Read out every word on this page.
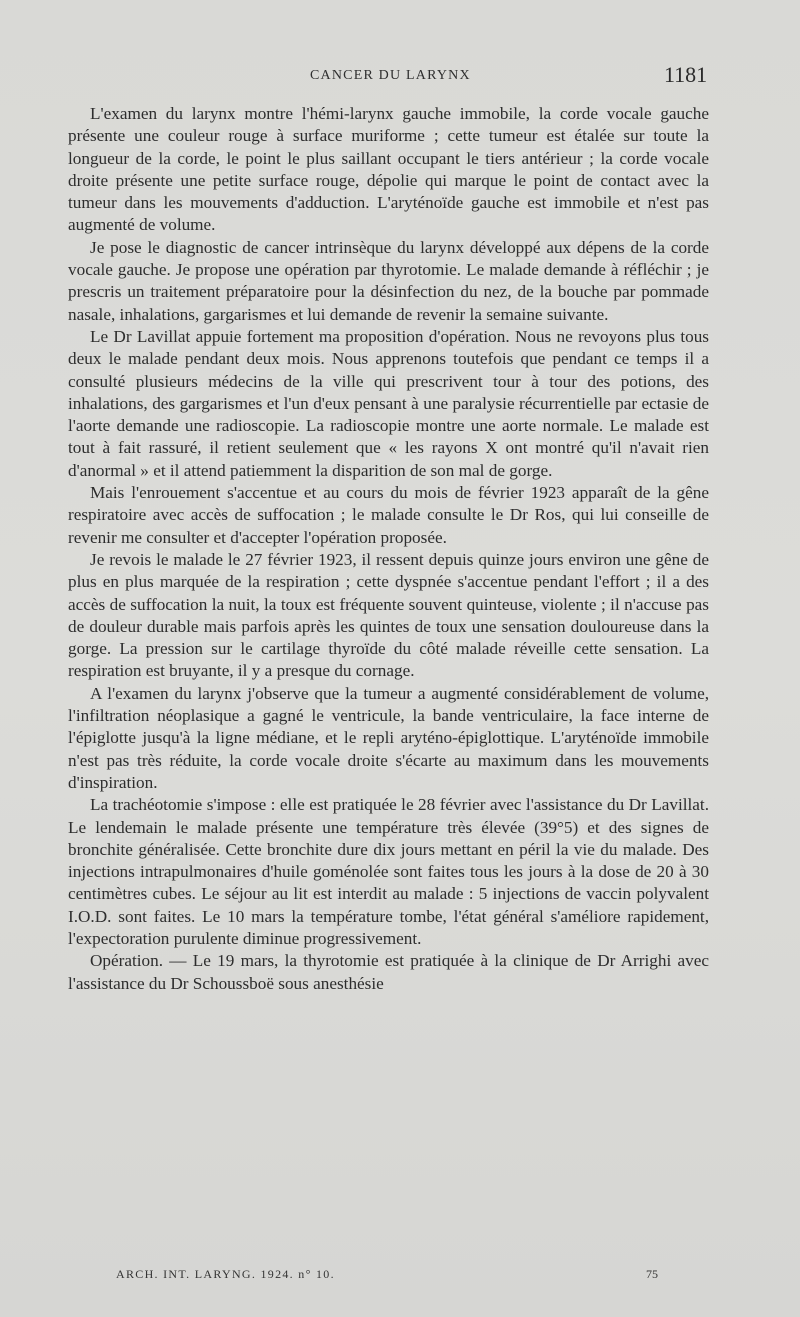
CANCER DU LARYNX	1181

L'examen du larynx montre l'hémi-larynx gauche immobile, la corde vocale gauche présente une couleur rouge à surface muriforme ; cette tumeur est étalée sur toute la longueur de la corde, le point le plus saillant occupant le tiers antérieur ; la corde vocale droite présente une petite surface rouge, dépolie qui marque le point de contact avec la tumeur dans les mouvements d'adduction. L'aryténoïde gauche est immobile et n'est pas augmenté de volume.

Je pose le diagnostic de cancer intrinsèque du larynx développé aux dépens de la corde vocale gauche. Je propose une opération par thyrotomie. Le malade demande à réfléchir ; je prescris un traitement préparatoire pour la désinfection du nez, de la bouche par pommade nasale, inhalations, gargarismes et lui demande de revenir la semaine suivante.

Le Dr Lavillat appuie fortement ma proposition d'opération. Nous ne revoyons plus tous deux le malade pendant deux mois. Nous apprenons toutefois que pendant ce temps il a consulté plusieurs médecins de la ville qui prescrivent tour à tour des potions, des inhalations, des gargarismes et l'un d'eux pensant à une paralysie récurrentielle par ectasie de l'aorte demande une radioscopie. La radioscopie montre une aorte normale. Le malade est tout à fait rassuré, il retient seulement que « les rayons X ont montré qu'il n'avait rien d'anormal » et il attend patiemment la disparition de son mal de gorge.

Mais l'enrouement s'accentue et au cours du mois de février 1923 apparaît de la gêne respiratoire avec accès de suffocation ; le malade consulte le Dr Ros, qui lui conseille de revenir me consulter et d'accepter l'opération proposée.

Je revois le malade le 27 février 1923, il ressent depuis quinze jours environ une gêne de plus en plus marquée de la respiration ; cette dyspnée s'accentue pendant l'effort ; il a des accès de suffocation la nuit, la toux est fréquente souvent quinteuse, violente ; il n'accuse pas de douleur durable mais parfois après les quintes de toux une sensation douloureuse dans la gorge. La pression sur le cartilage thyroïde du côté malade réveille cette sensation. La respiration est bruyante, il y a presque du cornage.

A l'examen du larynx j'observe que la tumeur a augmenté considérablement de volume, l'infiltration néoplasique a gagné le ventricule, la bande ventriculaire, la face interne de l'épiglotte jusqu'à la ligne médiane, et le repli aryténo-épiglottique. L'aryténoïde immobile n'est pas très réduite, la corde vocale droite s'écarte au maximum dans les mouvements d'inspiration.

La trachéotomie s'impose : elle est pratiquée le 28 février avec l'assistance du Dr Lavillat. Le lendemain le malade présente une température très élevée (39°5) et des signes de bronchite généralisée. Cette bronchite dure dix jours mettant en péril la vie du malade. Des injections intrapulmonaires d'huile goménolée sont faites tous les jours à la dose de 20 à 30 centimètres cubes. Le séjour au lit est interdit au malade : 5 injections de vaccin polyvalent I.O.D. sont faites. Le 10 mars la température tombe, l'état général s'améliore rapidement, l'expectoration purulente diminue progressivement.

Opération. — Le 19 mars, la thyrotomie est pratiquée à la clinique de Dr Arrighi avec l'assistance du Dr Schoussboë sous anesthésie

ARCH. INT. LARYNG. 1924. n° 10.	75
